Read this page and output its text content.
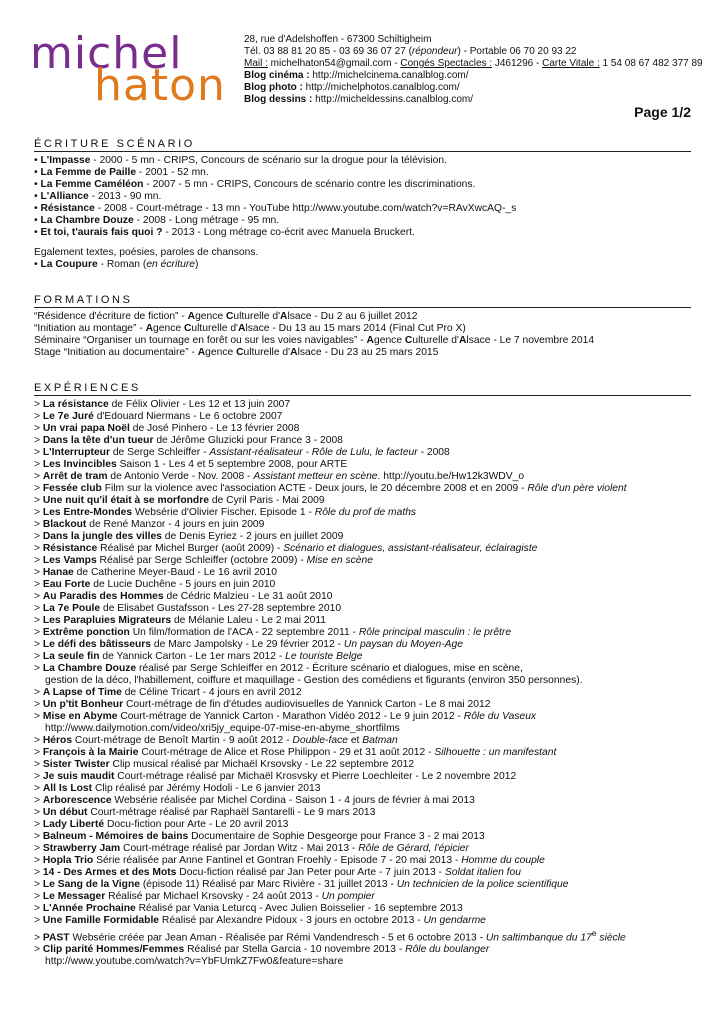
michel
haton
28, rue d'Adelshoffen - 67300 Schiltigheim
Tél. 03 88 81 20 85 - 03 69 36 07 27 (répondeur) - Portable 06 70 20 93 22
Mail : michelhaton54@gmail.com - Congés Spectacles : J461296 - Carte Vitale : 1 54 08 67 482 377 89
Blog cinéma : http://michelcinema.canalblog.com/
Blog photo : http://michelphotos.canalblog.com/
Blog dessins : http://micheldessins.canalblog.com/
Page 1/2
ÉCRITURE SCÉNARIO
• L'Impasse - 2000 - 5 mn - CRIPS, Concours de scénario sur la drogue pour la télévision.
• La Femme de Paille - 2001 - 52 mn.
• La Femme Caméléon - 2007 - 5 mn - CRIPS, Concours de scénario contre les discriminations.
• L'Alliance - 2013 - 90 mn.
• Résistance - 2008 - Court-métrage - 13 mn - YouTube http://www.youtube.com/watch?v=RAvXwcAQ-_s
• La Chambre Douze - 2008 - Long métrage - 95 mn.
• Et toi, t'aurais fais quoi ? - 2013 - Long métrage co-écrit avec Manuela Bruckert.
Egalement textes, poésies, paroles de chansons.
• La Coupure - Roman (en écriture)
FORMATIONS
“Résidence d'écriture de fiction” - Agence Culturelle d'Alsace - Du 2 au 6 juillet 2012
“Initiation au montage” - Agence Culturelle d'Alsace - Du 13 au 15 mars 2014 (Final Cut Pro X)
Séminaire “Organiser un tournage en forêt ou sur les voies navigables” - Agence Culturelle d'Alsace - Le 7 novembre 2014
Stage “Initiation au documentaire” - Agence Culturelle d'Alsace - Du 23 au 25 mars 2015
EXPÉRIENCES
> La résistance de Félix Olivier - Les 12 et 13 juin 2007
> Le 7e Juré d'Edouard Niermans - Le 6 octobre 2007
> Un vrai papa Noël de José Pinhero - Le 13 février 2008
> Dans la tête d'un tueur de Jérôme Gluzicki pour France 3 - 2008
> L'Interrupteur de Serge Schleiffer - Assistant-réalisateur - Rôle de Lulu, le facteur - 2008
> Les Invincibles Saison 1 - Les 4 et 5 septembre 2008, pour ARTE
> Arrêt de tram de Antonio Verde - Nov. 2008 - Assistant metteur en scène. http://youtu.be/Hw12k3WDV_o
> Fessée club Film sur la violence avec l'association ACTE - Deux jours, le 20 décembre 2008 et en 2009 - Rôle d'un père violent
> Une nuit qu'il était à se morfondre de Cyril Paris - Mai 2009
> Les Entre-Mondes Websérie d'Olivier Fischer. Episode 1 - Rôle du prof de maths
> Blackout de René Manzor - 4 jours en juin 2009
> Dans la jungle des villes de Denis Eyriez - 2 jours en juillet 2009
> Résistance Réalisé par Michel Burger (août 2009) - Scénario et dialogues, assistant-réalisateur, éclairagiste
> Les Vamps Réalisé par Serge Schleiffer (octobre 2009) - Mise en scène
> Hanae de Catherine Meyer-Baud - Le 16 avril 2010
> Eau Forte de Lucie Duchêne - 5 jours en juin 2010
> Au Paradis des Hommes de Cédric Malzieu - Le 31 août 2010
> La 7e Poule de Elisabet Gustafsson - Les 27-28 septembre 2010
> Les Parapluies Migrateurs de Mélanie Laleu - Le 2 mai 2011
> Extrême ponction Un film/formation de l'ACA - 22 septembre 2011 - Rôle principal masculin : le prêtre
> Le défi des bâtisseurs de Marc Jampolsky - Le 29 février 2012 - Un paysan du Moyen-Age
> La seule fin de Yannick Carton - Le 1er mars 2012 - Le touriste Belge
> La Chambre Douze réalisé par Serge Schleiffer en 2012 - Écriture scénario et dialogues, mise en scène,
gestion de la déco, l'habillement, coiffure et maquillage - Gestion des comédiens et figurants (environ 350 personnes).
> A Lapse of Time de Céline Tricart - 4 jours en avril 2012
> Un p'tit Bonheur Court-métrage de fin d'études audiovisuelles de Yannick Carton - Le 8 mai 2012
> Mise en Abyme Court-métrage de Yannick Carton - Marathon Vidéo 2012 - Le 9 juin 2012 - Rôle du Vaseux
http://www.dailymotion.com/video/xri5jy_equipe-07-mise-en-abyme_shortfilms
> Héros Court-métrage de Benoît Martin - 9 août 2012 - Double-face et Batman
> François à la Mairie Court-métrage de Alice et Rose Philippon - 29 et 31 août 2012 - Silhouette : un manifestant
> Sister Twister Clip musical réalisé par Michaël Krsovsky - Le 22 septembre 2012
> Je suis maudit Court-métrage réalisé par Michaël Krosvsky et Pierre Loechleiter - Le 2 novembre 2012
> All Is Lost Clip réalisé par Jérémy Hodoli - Le 6 janvier 2013
> Arborescence Websérie réalisée par Michel Cordina - Saison 1 - 4 jours de février à mai 2013
> Un début Court-métrage réalisé par Raphaël Santarelli - Le 9 mars 2013
> Lady Liberté Docu-fiction pour Arte - Le 20 avril 2013
> Balneum - Mémoires de bains Documentaire de Sophie Desgeorge pour France 3 - 2 mai 2013
> Strawberry Jam Court-métrage réalisé par Jordan Witz - Mai 2013 - Rôle de Gérard, l'épicier
> Hopla Trio Série réalisée par Anne Fantinel et Gontran Froehly - Episode 7 - 20 mai 2013 - Homme du couple
> 14 - Des Armes et des Mots Docu-fiction réalisé par Jan Peter pour Arte - 7 juin 2013 - Soldat italien fou
> Le Sang de la Vigne (épisode 11) Réalisé par Marc Rivière - 31 juillet 2013 - Un technicien de la police scientifique
> Le Messager Réalisé par Michael Krsovsky - 24 août 2013 - Un pompier
> L'Année Prochaine Réalisé par Vania Leturcq - Avec Julien Boisselier - 16 septembre 2013
> Une Famille Formidable Réalisé par Alexandre Pidoux - 3 jours en octobre 2013 - Un gendarme
> PAST Websérie créée par Jean Aman - Réalisée par Rémi Vandendresch - 5 et 6 octobre 2013 - Un saltimbanque du 17e siècle
> Clip parité Hommes/Femmes Réalisé par Stella Garcia - 10 novembre 2013 - Rôle du boulanger
http://www.youtube.com/watch?v=YbFUmkZ7Fw0&feature=share
